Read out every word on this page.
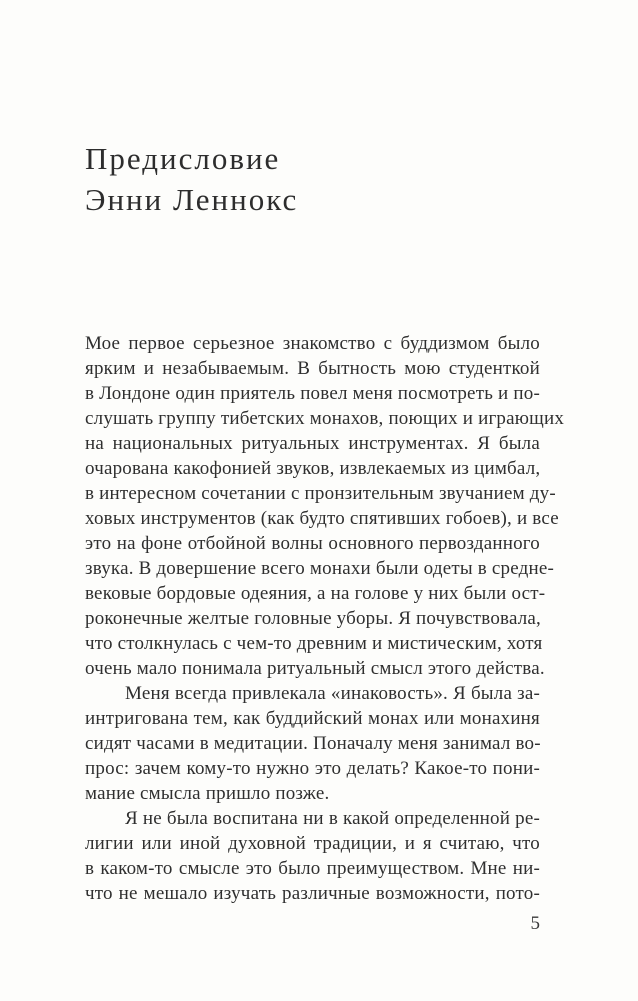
Предисловие
Энни Леннокс
Мое первое серьезное знакомство с буддизмом было
ярким и незабываемым. В бытность мою студенткой
в Лондоне один приятель повел меня посмотреть и по-
слушать группу тибетских монахов, поющих и играющих
на национальных ритуальных инструментах. Я была
очарована какофонией звуков, извлекаемых из цимбал,
в интересном сочетании с пронзительным звучанием ду-
ховых инструментов (как будто спятивших гобоев), и все
это на фоне отбойной волны основного первозданного
звука. В довершение всего монахи были одеты в средне-
вековые бордовые одеяния, а на голове у них были ост-
роконечные желтые головные уборы. Я почувствовала,
что столкнулась с чем-то древним и мистическим, хотя
очень мало понимала ритуальный смысл этого действа.
Меня всегда привлекала «инаковость». Я была за-
интригована тем, как буддийский монах или монахиня
сидят часами в медитации. Поначалу меня занимал во-
прос: зачем кому-то нужно это делать? Какое-то пони-
мание смысла пришло позже.
Я не была воспитана ни в какой определенной ре-
лигии или иной духовной традиции, и я считаю, что
в каком-то смысле это было преимуществом. Мне ни-
что не мешало изучать различные возможности, пото-
5
